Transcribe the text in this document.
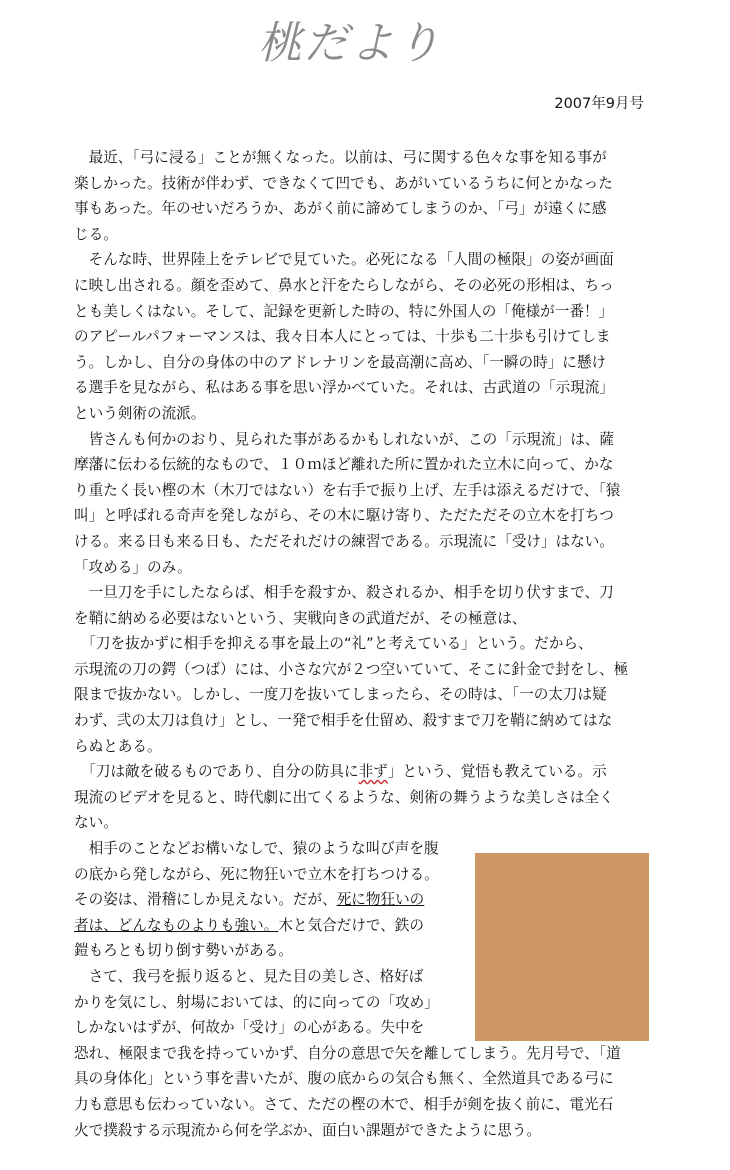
桃だより
2007年9月号
　最近、「弓に浸る」ことが無くなった。以前は、弓に関する色々な事を知る事が
楽しかった。技術が伴わず、できなくて凹でも、あがいているうちに何とかなった
事もあった。年のせいだろうか、あがく前に諦めてしまうのか、「弓」が遠くに感
じる。
　そんな時、世界陸上をテレビで見ていた。必死になる「人間の極限」の姿が画面
に映し出される。顔を歪めて、鼻水と汗をたらしながら、その必死の形相は、ちっ
とも美しくはない。そして、記録を更新した時の、特に外国人の「俺様が一番！」
のアピールパフォーマンスは、我々日本人にとっては、十歩も二十歩も引けてしま
う。しかし、自分の身体の中のアドレナリンを最高潮に高め、「一瞬の時」に懸け
る選手を見ながら、私はある事を思い浮かべていた。それは、古武道の「示現流」
という剣術の流派。
　皆さんも何かのおり、見られた事があるかもしれないが、この「示現流」は、薩
摩藩に伝わる伝統的なもので、１０ｍほど離れた所に置かれた立木に向って、かな
り重たく長い樫の木（木刀ではない）を右手で振り上げ、左手は添えるだけで、「猿
叫」と呼ばれる奇声を発しながら、その木に駆け寄り、ただただその立木を打ちつ
ける。来る日も来る日も、ただそれだけの練習である。示現流に「受け」はない。
「攻める」のみ。
　一旦刀を手にしたならば、相手を殺すか、殺されるか、相手を切り伏すまで、刀
を鞘に納める必要はないという、実戦向きの武道だが、その極意は、
　「刀を抜かずに相手を抑える事を最上の“礼”と考えている」という。だから、
示現流の刀の鍔（つば）には、小さな穴が２つ空いていて、そこに針金で封をし、極
限まで抜かない。しかし、一度刀を抜いてしまったら、その時は、「一の太刀は疑
わず、弐の太刀は負け」とし、一発で相手を仕留め、殺すまで刀を鞘に納めてはな
らぬとある。
　「刀は敵を破るものであり、自分の防具に非ず」という、覚悟も教えている。示
現流のビデオを見ると、時代劇に出てくるような、剣術の舞うような美しさは全く
ない。
　相手のことなどお構いなしで、猿のような叫び声を腹
の底から発しながら、死に物狂いで立木を打ちつける。
その姿は、滑稽にしか見えない。だが、死に物狂いの
者は、どんなものよりも強い。木と気合だけで、鉄の
鎧もろとも切り倒す勢いがある。
　さて、我弓を振り返ると、見た目の美しさ、格好ば
かりを気にし、射場においては、的に向っての「攻め」
しかないはずが、何故か「受け」の心がある。失中を
恐れ、極限まで我を持っていかず、自分の意思で矢を離してしまう。先月号で、「道
具の身体化」という事を書いたが、腹の底からの気合も無く、全然道具である弓に
力も意思も伝わっていない。さて、ただの樫の木で、相手が剣を抜く前に、電光石
火で撲殺する示現流から何を学ぶか、面白い課題ができたように思う。
